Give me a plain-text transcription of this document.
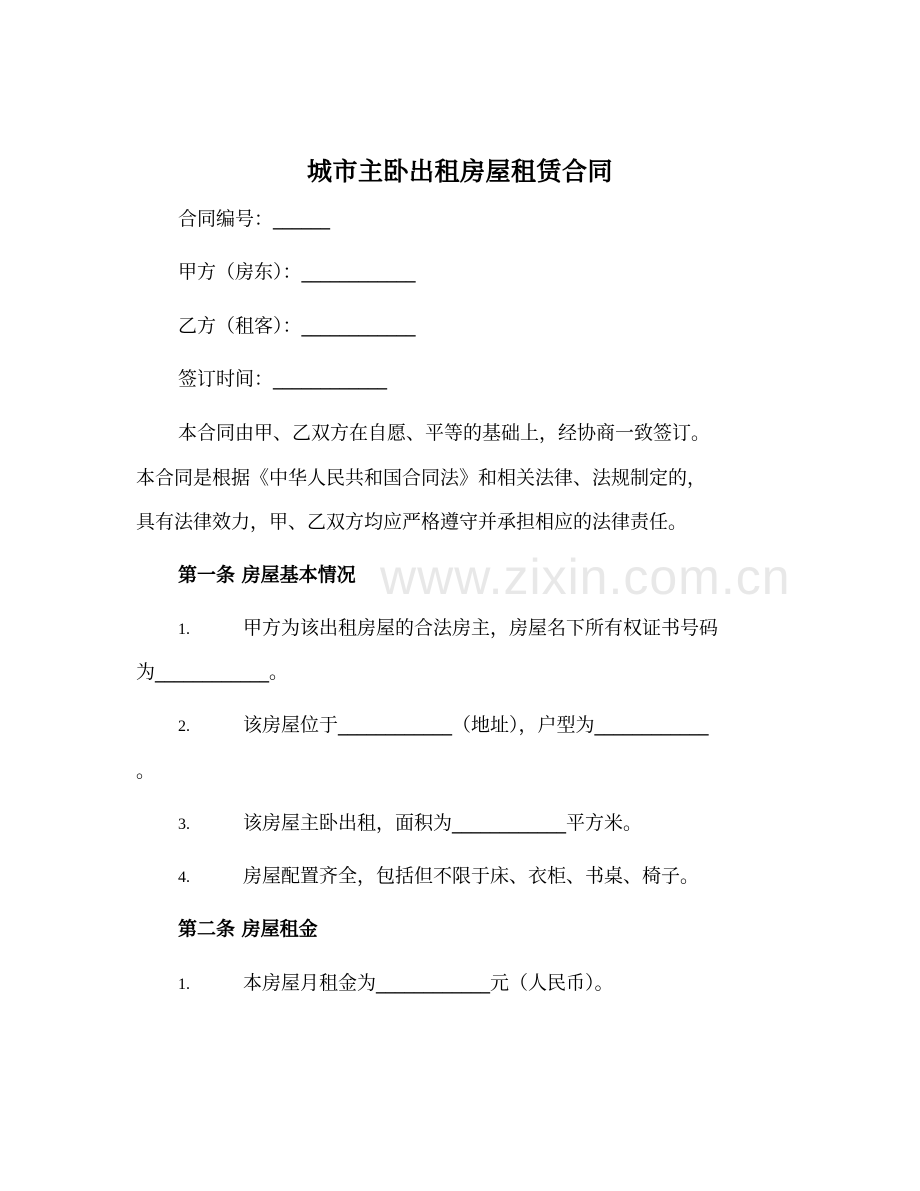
城市主卧出租房屋租赁合同
合同编号：______
甲方（房东）：____________
乙方（租客）：____________
签订时间：____________
本合同由甲、乙双方在自愿、平等的基础上，经协商一致签订。
本合同是根据《中华人民共和国合同法》和相关法律、法规制定的，
具有法律效力，甲、乙双方均应严格遵守并承担相应的法律责任。
第一条 房屋基本情况
1.	甲方为该出租房屋的合法房主，房屋名下所有权证书号码
为____________。
2.	该房屋位于____________（地址），户型为____________
。
3.	该房屋主卧出租，面积为____________平方米。
4.	房屋配置齐全，包括但不限于床、衣柜、书桌、椅子。
第二条 房屋租金
1.	本房屋月租金为____________元（人民币）。
www.zixin.com.cn
